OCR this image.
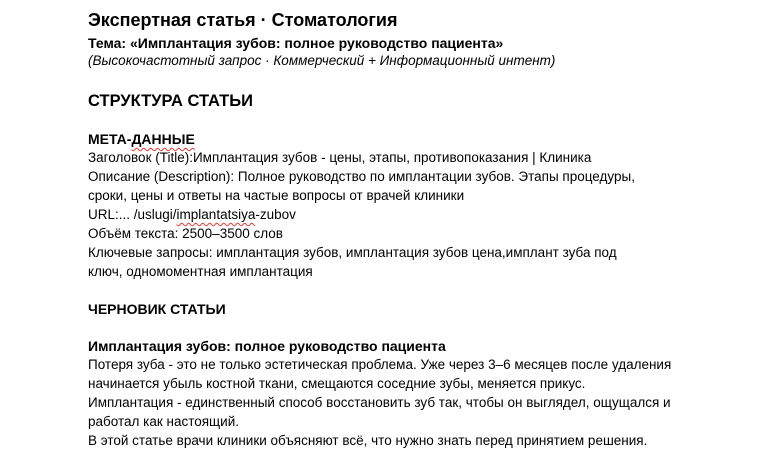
Экспертная статья · Стоматология
Тема: «Имплантация зубов: полное руководство пациента»
(Высокочастотный запрос · Коммерческий + Информационный интент)
СТРУКТУРА СТАТЬИ
МЕТА-ДАННЫЕ
Заголовок (Title):Имплантация зубов - цены, этапы, противопоказания | Клиника
Описание (Description): Полное руководство по имплантации зубов. Этапы процедуры, сроки, цены и ответы на частые вопросы от врачей клиники
URL:... /uslugi/implantatsiya-zubov
Объём текста: 2500–3500 слов
Ключевые запросы: имплантация зубов, имплантация зубов цена,имплант зуба под ключ, одномоментная имплантация
ЧЕРНОВИК СТАТЬИ
Имплантация зубов: полное руководство пациента
Потеря зуба - это не только эстетическая проблема. Уже через 3–6 месяцев после удаления начинается убыль костной ткани, смещаются соседние зубы, меняется прикус. Имплантация - единственный способ восстановить зуб так, чтобы он выглядел, ощущался и работал как настоящий.
В этой статье врачи клиники объясняют всё, что нужно знать перед принятием решения.
